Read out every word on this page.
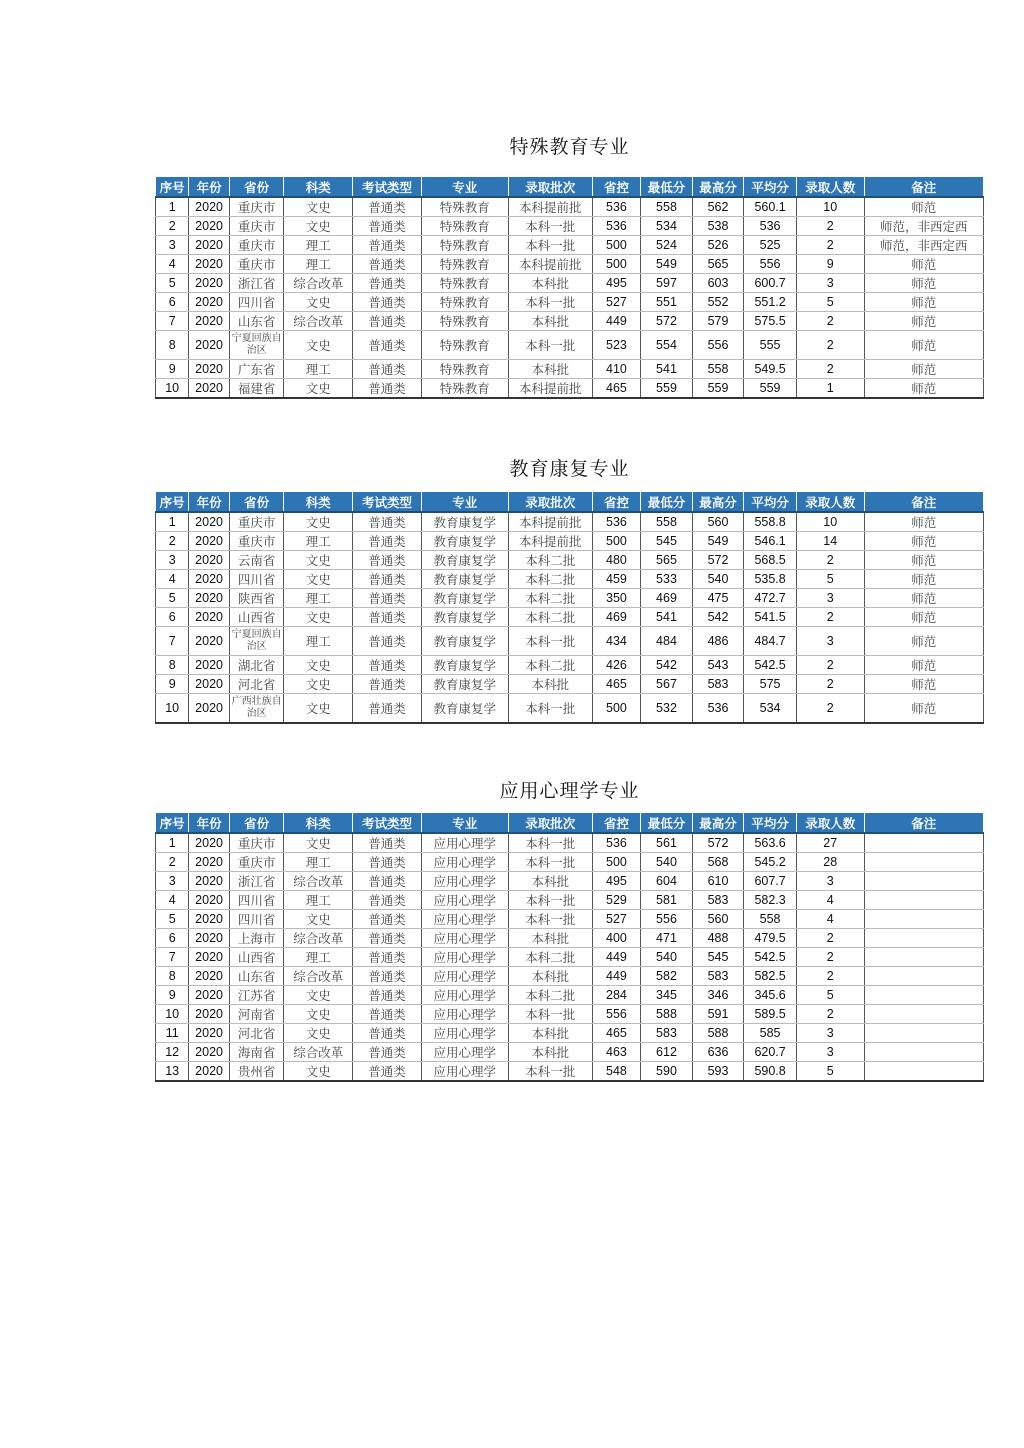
特殊教育专业
序号	年份	省份	科类	考试类型	专业	录取批次	省控	最低分	最高分	平均分	录取人数	备注
1	2020	重庆市	文史	普通类	特殊教育	本科提前批	536	558	562	560.1	10	师范
2	2020	重庆市	文史	普通类	特殊教育	本科一批	536	534	538	536	2	师范，非西定西
3	2020	重庆市	理工	普通类	特殊教育	本科一批	500	524	526	525	2	师范，非西定西
4	2020	重庆市	理工	普通类	特殊教育	本科提前批	500	549	565	556	9	师范
5	2020	浙江省	综合改革	普通类	特殊教育	本科批	495	597	603	600.7	3	师范
6	2020	四川省	文史	普通类	特殊教育	本科一批	527	551	552	551.2	5	师范
7	2020	山东省	综合改革	普通类	特殊教育	本科批	449	572	579	575.5	2	师范
8	2020	宁夏回族自治区	文史	普通类	特殊教育	本科一批	523	554	556	555	2	师范
9	2020	广东省	理工	普通类	特殊教育	本科批	410	541	558	549.5	2	师范
10	2020	福建省	文史	普通类	特殊教育	本科提前批	465	559	559	559	1	师范
教育康复专业
序号	年份	省份	科类	考试类型	专业	录取批次	省控	最低分	最高分	平均分	录取人数	备注
1	2020	重庆市	文史	普通类	教育康复学	本科提前批	536	558	560	558.8	10	师范
2	2020	重庆市	理工	普通类	教育康复学	本科提前批	500	545	549	546.1	14	师范
3	2020	云南省	文史	普通类	教育康复学	本科二批	480	565	572	568.5	2	师范
4	2020	四川省	文史	普通类	教育康复学	本科二批	459	533	540	535.8	5	师范
5	2020	陕西省	理工	普通类	教育康复学	本科二批	350	469	475	472.7	3	师范
6	2020	山西省	文史	普通类	教育康复学	本科二批	469	541	542	541.5	2	师范
7	2020	宁夏回族自治区	理工	普通类	教育康复学	本科一批	434	484	486	484.7	3	师范
8	2020	湖北省	文史	普通类	教育康复学	本科二批	426	542	543	542.5	2	师范
9	2020	河北省	文史	普通类	教育康复学	本科批	465	567	583	575	2	师范
10	2020	广西壮族自治区	文史	普通类	教育康复学	本科一批	500	532	536	534	2	师范
应用心理学专业
序号	年份	省份	科类	考试类型	专业	录取批次	省控	最低分	最高分	平均分	录取人数	备注
1	2020	重庆市	文史	普通类	应用心理学	本科一批	536	561	572	563.6	27	
2	2020	重庆市	理工	普通类	应用心理学	本科一批	500	540	568	545.2	28	
3	2020	浙江省	综合改革	普通类	应用心理学	本科批	495	604	610	607.7	3	
4	2020	四川省	理工	普通类	应用心理学	本科一批	529	581	583	582.3	4	
5	2020	四川省	文史	普通类	应用心理学	本科一批	527	556	560	558	4	
6	2020	上海市	综合改革	普通类	应用心理学	本科批	400	471	488	479.5	2	
7	2020	山西省	理工	普通类	应用心理学	本科二批	449	540	545	542.5	2	
8	2020	山东省	综合改革	普通类	应用心理学	本科批	449	582	583	582.5	2	
9	2020	江苏省	文史	普通类	应用心理学	本科二批	284	345	346	345.6	5	
10	2020	河南省	文史	普通类	应用心理学	本科一批	556	588	591	589.5	2	
11	2020	河北省	文史	普通类	应用心理学	本科批	465	583	588	585	3	
12	2020	海南省	综合改革	普通类	应用心理学	本科批	463	612	636	620.7	3	
13	2020	贵州省	文史	普通类	应用心理学	本科一批	548	590	593	590.8	5	
